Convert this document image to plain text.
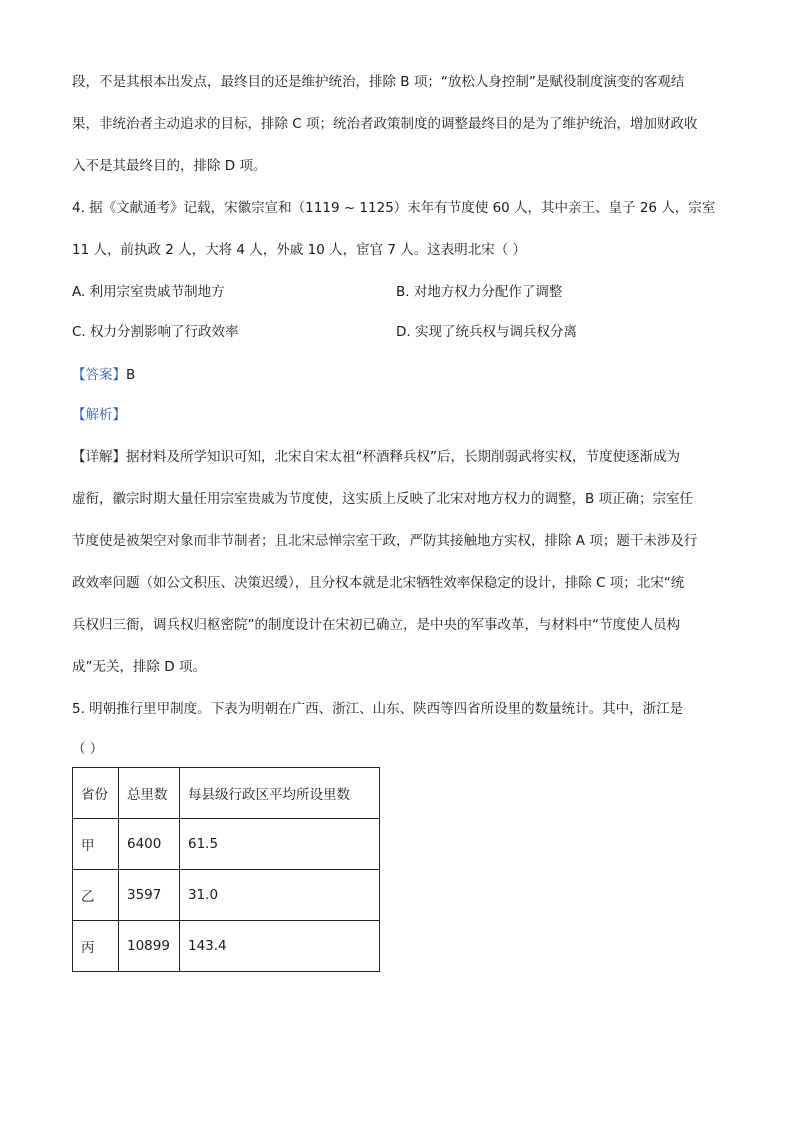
段，不是其根本出发点，最终目的还是维护统治，排除 B 项；“放松人身控制”是赋役制度演变的客观结
果，非统治者主动追求的目标，排除 C 项；统治者政策制度的调整最终目的是为了维护统治，增加财政收
入不是其最终目的，排除 D 项。
4. 据《文献通考》记载，宋徽宗宣和（1119 ~ 1125）末年有节度使 60 人，其中亲王、皇子 26 人，宗室
11 人，前执政 2 人，大将 4 人，外戚 10 人，宦官 7 人。这表明北宋（ ）
A. 利用宗室贵戚节制地方	B. 对地方权力分配作了调整
C. 权力分割影响了行政效率	D. 实现了统兵权与调兵权分离
【答案】B
【解析】
【详解】据材料及所学知识可知，北宋自宋太祖“杯酒释兵权”后，长期削弱武将实权，节度使逐渐成为
虚衔，徽宗时期大量任用宗室贵戚为节度使，这实质上反映了北宋对地方权力的调整，B 项正确；宗室任
节度使是被架空对象而非节制者；且北宋忌惮宗室干政，严防其接触地方实权，排除 A 项；题干未涉及行
政效率问题（如公文积压、决策迟缓），且分权本就是北宋牺牲效率保稳定的设计，排除 C 项；北宋“统
兵权归三衙，调兵权归枢密院”的制度设计在宋初已确立，是中央的军事改革，与材料中“节度使人员构
成”无关，排除 D 项。
5. 明朝推行里甲制度。下表为明朝在广西、浙江、山东、陕西等四省所设里的数量统计。其中，浙江是
（ ）
省份	总里数	每县级行政区平均所设里数
甲	6400	61.5
乙	3597	31.0
丙	10899	143.4
